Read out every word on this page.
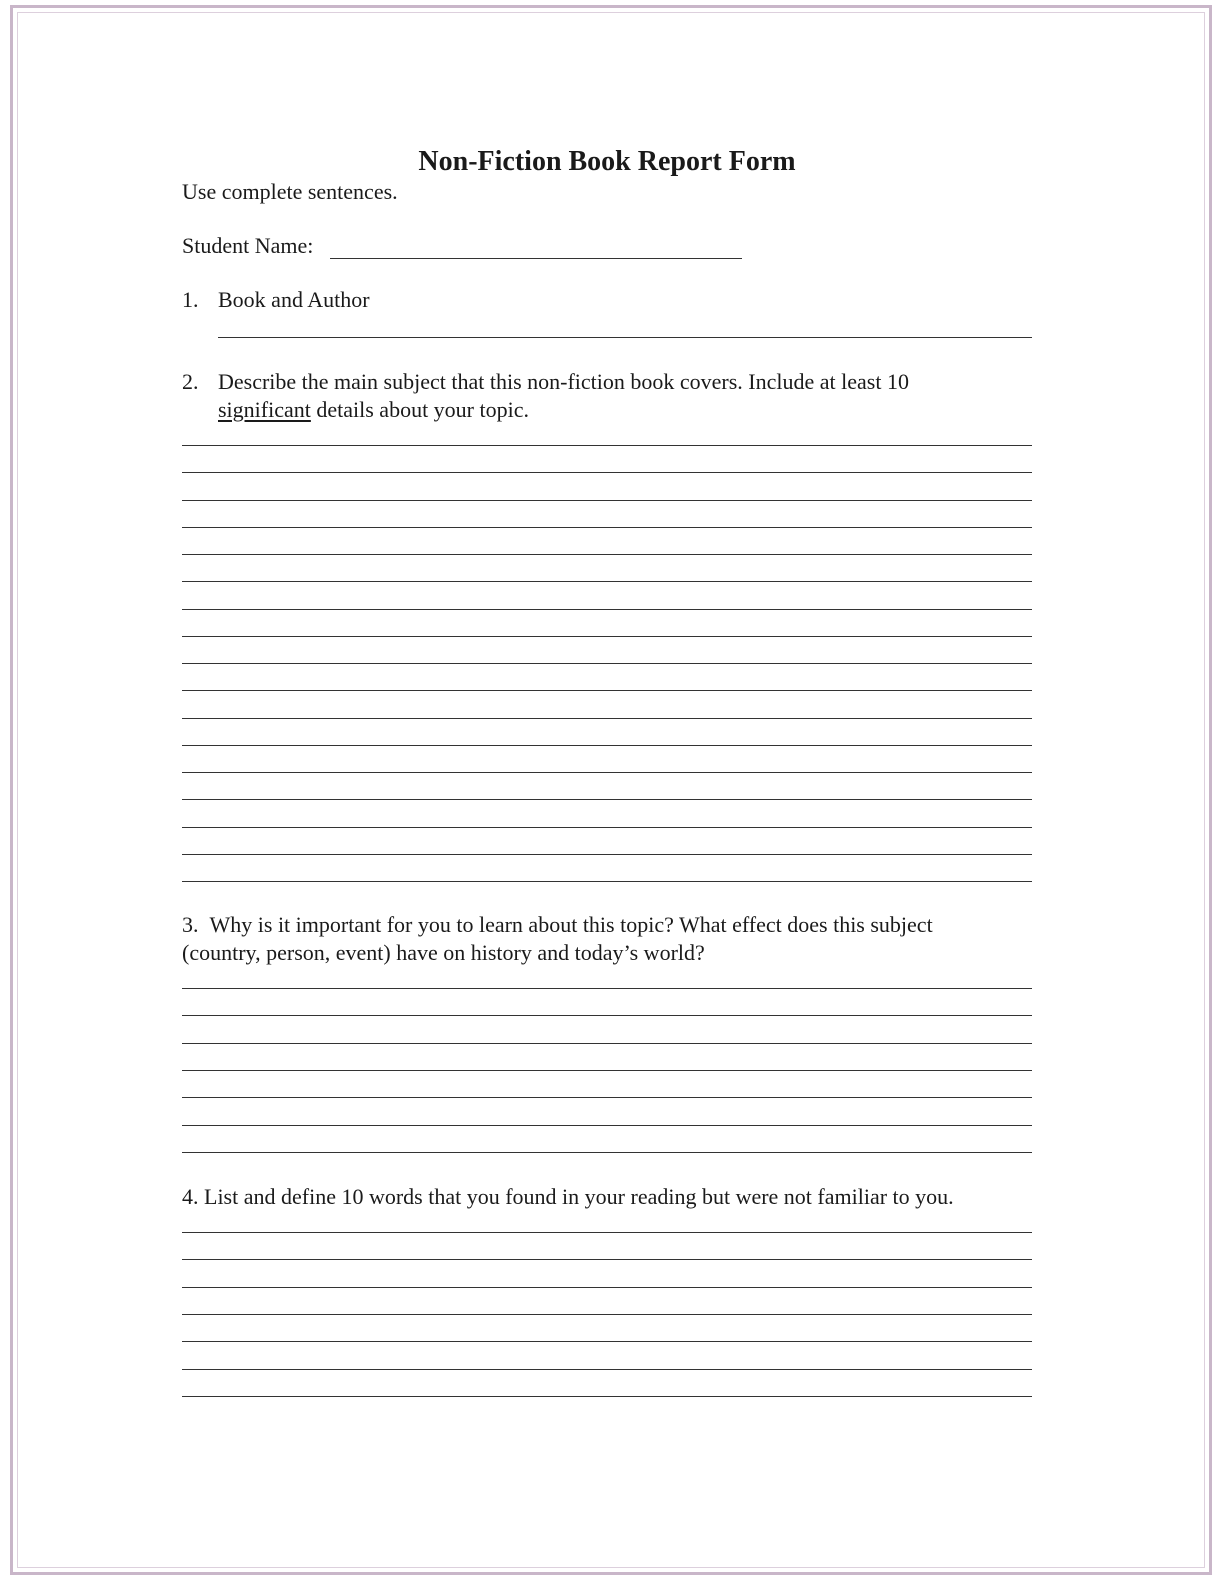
Non-Fiction Book Report Form
Use complete sentences.
Student Name:
1. Book and Author
2. Describe the main subject that this non-fiction book covers. Include at least 10
significant details about your topic.
3. Why is it important for you to learn about this topic? What effect does this subject
(country, person, event) have on history and today’s world?
4. List and define 10 words that you found in your reading but were not familiar to you.
